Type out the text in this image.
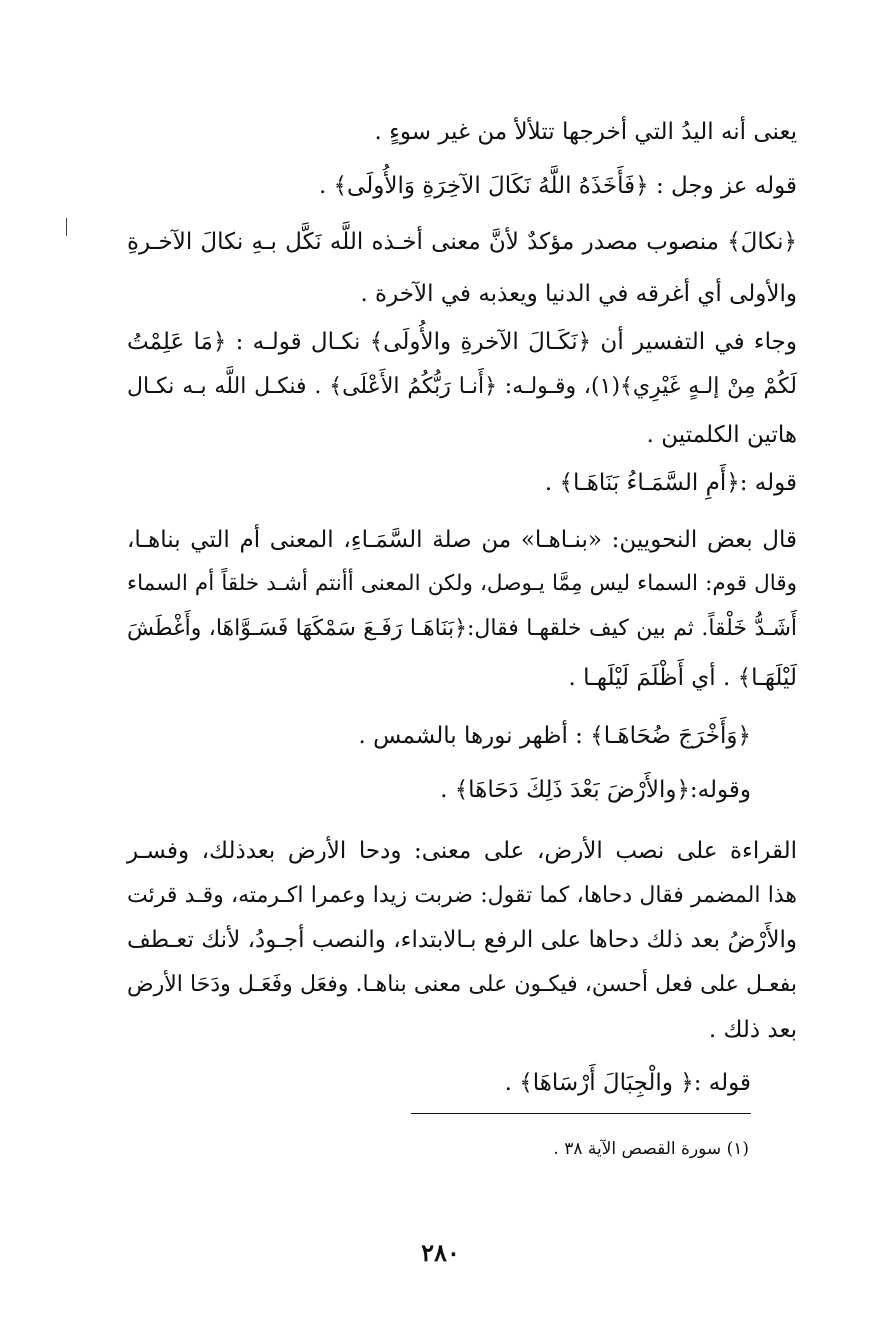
يعنى أنه اليدُ التي أخرجها تتلألأ من غير سوءٍ .
قوله عز وجل : ﴿فَأَخَذَهُ اللَّهُ نَكَالَ الآخِرَةِ وَالأُولَى﴾ .
﴿نكالَ﴾ منصوب مصدر مؤكدٌ لأنَّ معنى أخـذه اللَّه نَكَّل بـهِ نكالَ الآخـرةِ
والأولى أي أغرقه في الدنيا ويعذبه في الآخرة .
وجاء في التفسير أن ﴿نَكَـالَ الآخرةِ والأُولَى﴾ نكـال قولـه : ﴿مَا عَلِمْتُ
لَكُمْ مِنْ إلـهٍ غَيْرِي﴾(١)، وقـولـه: ﴿أَنـا رَبُّكُمُ الأَعْلَى﴾ . فنكـل اللَّه بـه نكـال
هاتين الكلمتين .
قوله :﴿أَمِ السَّمَـاءُ بَنَاهَـا﴾ .
قال بعض النحويين: «بنـاهـا» من صلة السَّمَـاءِ، المعنى أم التي بناهـا،
وقال قوم: السماء ليس مِمَّا يـوصل، ولكن المعنى أأنتم أشـد خلقاً أم السماء
أَشَـدُّ خَلْقاً. ثم بين كيف خلقهـا فقال:﴿بَنَاهَـا رَفَـعَ سَمْكَهَا فَسَـوَّاهَا، وأَغْطَشَ
لَيْلَهَـا﴾ . أي أَظْلَمَ لَيْلَهـا .
﴿وَأَخْرَجَ ضُحَاهَـا﴾ : أظهر نورها بالشمس .
وقوله:﴿والأَرْضَ بَعْدَ ذَلِكَ دَحَاهَا﴾ .
القراءة على نصب الأرض، على معنى: ودحا الأرض بعدذلك، وفسـر
هذا المضمر فقال دحاها، كما تقول: ضربت زيدا وعمرا اكـرمته، وقـد قرئت
والأَرْضُ بعد ذلك دحاها على الرفع بـالابتداء، والنصب أجـودُ، لأنك تعـطف
بفعـل على فعل أحسن، فيكـون على معنى بناهـا. وفعَل وفَعَـل ودَحَا الأرض
بعد ذلك .
قوله :﴿ والْجِبَالَ أَرْسَاهَا﴾ .
(١) سورة القصص الآية ٣٨ .
٢٨٠
